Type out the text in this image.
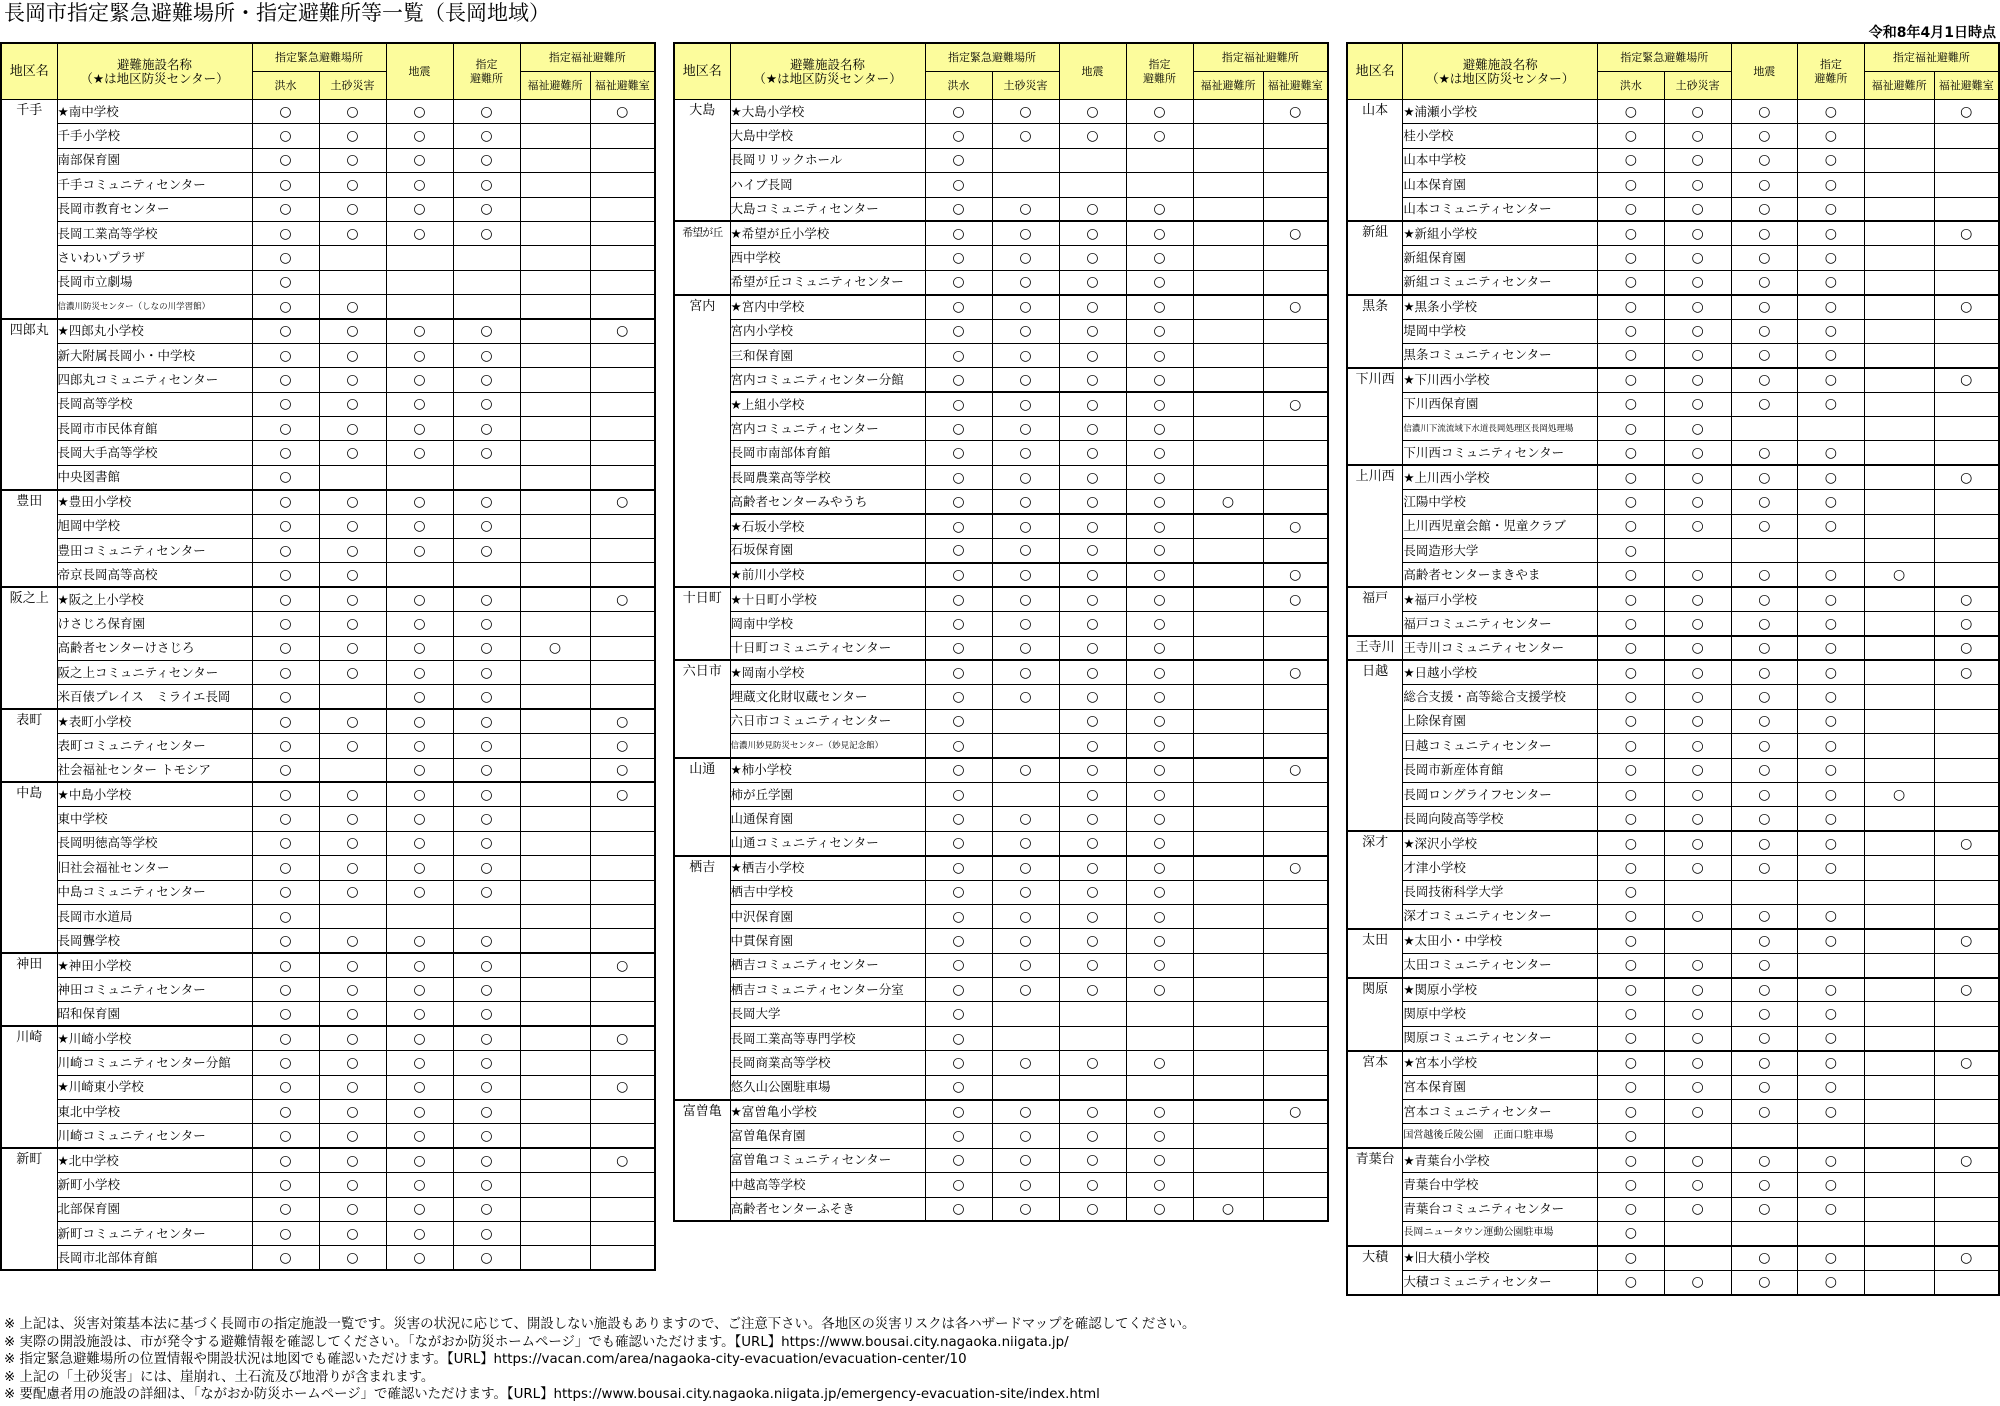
長岡市指定緊急避難場所・指定避難所等一覧（長岡地域）
令和8年4月1日時点
地区名	避難施設名称
（★は地区防災センター）	指定緊急避難場所		地震	指定
避難所	指定福祉避難所	
		洪水	土砂災害			福祉避難所	福祉避難室
千手	★南中学校	○	○	○	○		○
	千手小学校	○	○	○	○		
	南部保育園	○	○	○	○		
	千手コミュニティセンター	○	○	○	○		
	長岡市教育センター	○	○	○	○		
	長岡工業高等学校	○	○	○	○		
	さいわいプラザ	○					
	長岡市立劇場	○					
	信濃川防災センター（しなの川学習館）	○	○				
四郎丸	★四郎丸小学校	○	○	○	○		○
	新大附属長岡小・中学校	○	○	○	○		
	四郎丸コミュニティセンター	○	○	○	○		
	長岡高等学校	○	○	○	○		
	長岡市市民体育館	○	○	○	○		
	長岡大手高等学校	○	○	○	○		
	中央図書館	○					
豊田	★豊田小学校	○	○	○	○		○
	旭岡中学校	○	○	○	○		
	豊田コミュニティセンター	○	○	○	○		
	帝京長岡高等高校	○	○				
阪之上	★阪之上小学校	○	○	○	○		○
	けさじろ保育園	○	○	○	○		
	高齢者センターけさじろ	○	○	○	○	○	
	阪之上コミュニティセンター	○	○	○	○		
	米百俵プレイス　ミライエ長岡	○		○	○		
表町	★表町小学校	○	○	○	○		○
	表町コミュニティセンター	○	○	○	○		○
	社会福祉センター トモシア	○		○	○		○
中島	★中島小学校	○	○	○	○		○
	東中学校	○	○	○	○		
	長岡明徳高等学校	○	○	○	○		
	旧社会福祉センター	○	○	○	○		
	中島コミュニティセンター	○	○	○	○		
	長岡市水道局	○					
	長岡聾学校	○	○	○	○		
神田	★神田小学校	○	○	○	○		○
	神田コミュニティセンター	○	○	○	○		
	昭和保育園	○	○	○	○		
川崎	★川崎小学校	○	○	○	○		○
	川崎コミュニティセンター分館	○	○	○	○		
	★川崎東小学校	○	○	○	○		○
	東北中学校	○	○	○	○		
	川崎コミュニティセンター	○	○	○	○		
新町	★北中学校	○	○	○	○		○
	新町小学校	○	○	○	○		
	北部保育園	○	○	○	○		
	新町コミュニティセンター	○	○	○	○		
	長岡市北部体育館	○	○	○	○		
地区名	避難施設名称
（★は地区防災センター）	指定緊急避難場所		地震	指定
避難所	指定福祉避難所	
		洪水	土砂災害			福祉避難所	福祉避難室
大島	★大島小学校	○	○	○	○		○
	大島中学校	○	○	○	○		
	長岡リリックホール	○					
	ハイブ長岡	○					
	大島コミュニティセンター	○	○	○	○		
希望が丘	★希望が丘小学校	○	○	○	○		○
	西中学校	○	○	○	○		
	希望が丘コミュニティセンター	○	○	○	○		
宮内	★宮内中学校	○	○	○	○		○
	宮内小学校	○	○	○	○		
	三和保育園	○	○	○	○		
	宮内コミュニティセンター分館	○	○	○	○		
	★上組小学校	○	○	○	○		○
	宮内コミュニティセンター	○	○	○	○		
	長岡市南部体育館	○	○	○	○		
	長岡農業高等学校	○	○	○	○		
	高齢者センターみやうち	○	○	○	○	○	
	★石坂小学校	○	○	○	○		○
	石坂保育園	○	○	○	○		
	★前川小学校	○	○	○	○		○
十日町	★十日町小学校	○	○	○	○		○
	岡南中学校	○	○	○	○		
	十日町コミュニティセンター	○	○	○	○		
六日市	★岡南小学校	○	○	○	○		○
	埋蔵文化財収蔵センター	○	○	○	○		
	六日市コミュニティセンター	○		○	○		
	信濃川妙見防災センター（妙見記念館）	○		○	○		
山通	★柿小学校	○	○	○	○		○
	柿が丘学園	○		○	○		
	山通保育園	○	○	○	○		
	山通コミュニティセンター	○	○	○	○		
栖吉	★栖吉小学校	○	○	○	○		○
	栖吉中学校	○	○	○	○		
	中沢保育園	○	○	○	○		
	中貫保育園	○	○	○	○		
	栖吉コミュニティセンター	○	○	○	○		
	栖吉コミュニティセンター分室	○	○	○	○		
	長岡大学	○					
	長岡工業高等専門学校	○					
	長岡商業高等学校	○	○	○	○		
	悠久山公園駐車場	○					
富曽亀	★富曽亀小学校	○	○	○	○		○
	富曽亀保育園	○	○	○	○		
	富曽亀コミュニティセンター	○	○	○	○		
	中越高等学校	○	○	○	○		
	高齢者センターふそき	○	○	○	○	○	
地区名	避難施設名称
（★は地区防災センター）	指定緊急避難場所		地震	指定
避難所	指定福祉避難所	
		洪水	土砂災害			福祉避難所	福祉避難室
山本	★浦瀬小学校	○	○	○	○		○
	桂小学校	○	○	○	○		
	山本中学校	○	○	○	○		
	山本保育園	○	○	○	○		
	山本コミュニティセンター	○	○	○	○		
新組	★新組小学校	○	○	○	○		○
	新組保育園	○	○	○	○		
	新組コミュニティセンター	○	○	○	○		
黒条	★黒条小学校	○	○	○	○		○
	堤岡中学校	○	○	○	○		
	黒条コミュニティセンター	○	○	○	○		
下川西	★下川西小学校	○	○	○	○		○
	下川西保育園	○	○	○	○		
	信濃川下流流域下水道長岡処理区長岡処理場	○	○				
	下川西コミュニティセンター	○	○	○	○		
上川西	★上川西小学校	○	○	○	○		○
	江陽中学校	○	○	○	○		
	上川西児童会館・児童クラブ	○	○	○	○		
	長岡造形大学	○					
	高齢者センターまきやま	○	○	○	○	○	
福戸	★福戸小学校	○	○	○	○		○
	福戸コミュニティセンター	○	○	○	○		○
王寺川	王寺川コミュニティセンター	○	○	○	○		○
日越	★日越小学校	○	○	○	○		○
	総合支援・高等総合支援学校	○	○	○	○		
	上除保育園	○	○	○	○		
	日越コミュニティセンター	○	○	○	○		
	長岡市新産体育館	○	○	○	○		
	長岡ロングライフセンター	○	○	○	○	○	
	長岡向陵高等学校	○	○	○	○		
深才	★深沢小学校	○	○	○	○		○
	才津小学校	○	○	○	○		
	長岡技術科学大学	○					
	深才コミュニティセンター	○	○	○	○		
太田	★太田小・中学校	○		○	○		○
	太田コミュニティセンター	○	○	○			
関原	★関原小学校	○	○	○	○		○
	関原中学校	○	○	○	○		
	関原コミュニティセンター	○	○	○	○		
宮本	★宮本小学校	○	○	○	○		○
	宮本保育園	○	○	○	○		
	宮本コミュニティセンター	○	○	○	○		
	国営越後丘陵公園　正面口駐車場	○					
青葉台	★青葉台小学校	○	○	○	○		○
	青葉台中学校	○	○	○	○		
	青葉台コミュニティセンター	○	○	○	○		
	長岡ニュータウン運動公園駐車場	○					
大積	★旧大積小学校	○		○	○		○
	大積コミュニティセンター	○	○	○	○		
※ 上記は、災害対策基本法に基づく長岡市の指定施設一覧です。災害の状況に応じて、開設しない施設もありますので、ご注意下さい。各地区の災害リスクは各ハザードマップを確認してください。
※ 実際の開設施設は、市が発令する避難情報を確認してください。「ながおか防災ホームページ」でも確認いただけます。【URL】https://www.bousai.city.nagaoka.niigata.jp/
※ 指定緊急避難場所の位置情報や開設状況は地図でも確認いただけます。【URL】https://vacan.com/area/nagaoka-city-evacuation/evacuation-center/10
※ 上記の「土砂災害」には、崖崩れ、土石流及び地滑りが含まれます。
※ 要配慮者用の施設の詳細は、「ながおか防災ホームページ」で確認いただけます。【URL】https://www.bousai.city.nagaoka.niigata.jp/emergency-evacuation-site/index.html
